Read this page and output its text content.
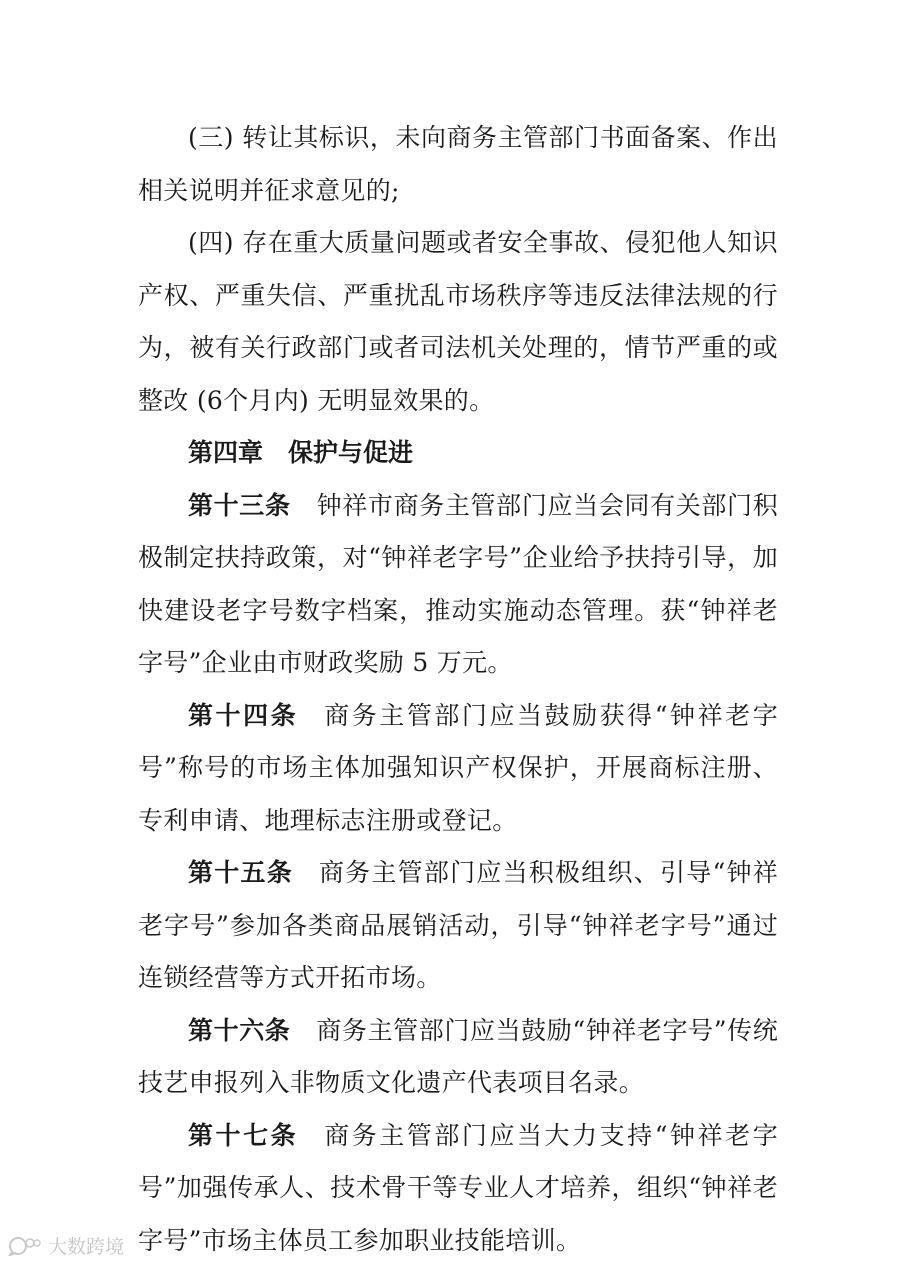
(三) 转让其标识，未向商务主管部门书面备案、作出相关说明并征求意见的;

(四) 存在重大质量问题或者安全事故、侵犯他人知识产权、严重失信、严重扰乱市场秩序等违反法律法规的行为，被有关行政部门或者司法机关处理的，情节严重的或整改 (6个月内) 无明显效果的。

第四章　保护与促进

第十三条 钟祥市商务主管部门应当会同有关部门积极制定扶持政策，对“钟祥老字号”企业给予扶持引导，加快建设老字号数字档案，推动实施动态管理。获“钟祥老字号”企业由市财政奖励 5 万元。

第十四条 商务主管部门应当鼓励获得“钟祥老字号”称号的市场主体加强知识产权保护，开展商标注册、专利申请、地理标志注册或登记。

第十五条 商务主管部门应当积极组织、引导“钟祥老字号”参加各类商品展销活动，引导“钟祥老字号”通过连锁经营等方式开拓市场。

第十六条 商务主管部门应当鼓励“钟祥老字号”传统技艺申报列入非物质文化遗产代表项目名录。

第十七条 商务主管部门应当大力支持“钟祥老字号”加强传承人、技术骨干等专业人才培养，组织“钟祥老字号”市场主体员工参加职业技能培训。

大数跨境
